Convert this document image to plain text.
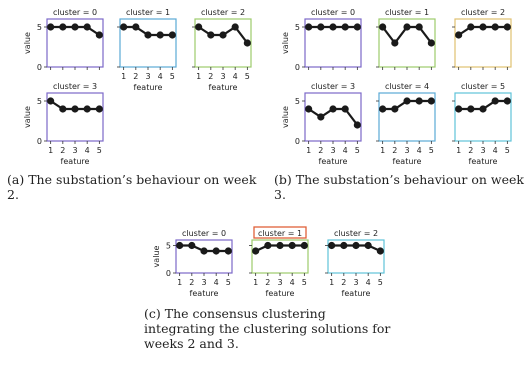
cluster = 0
0
5
value
cluster = 1
1 2 3 4 5
feature
cluster = 2
1 2 3 4 5
feature
cluster = 3
0
5
1 2 3 4 5
feature
value
cluster = 0
0
5
value
cluster = 1	cluster = 2
cluster = 3
0
5
1 2 3 4 5
feature
value
cluster = 4
1 2 3 4 5
feature
cluster = 5
1 2 3 4 5
feature
cluster = 0
0
5
1 2 3 4 5
feature
value
cluster = 1
1 2 3 4 5
feature
cluster = 2
1 2 3 4 5
feature

(a) The substation’s behaviour on week 2.

(b) The substation’s behaviour on week 3.

(c) The consensus clustering integrating the clustering solutions for weeks 2 and 3.
